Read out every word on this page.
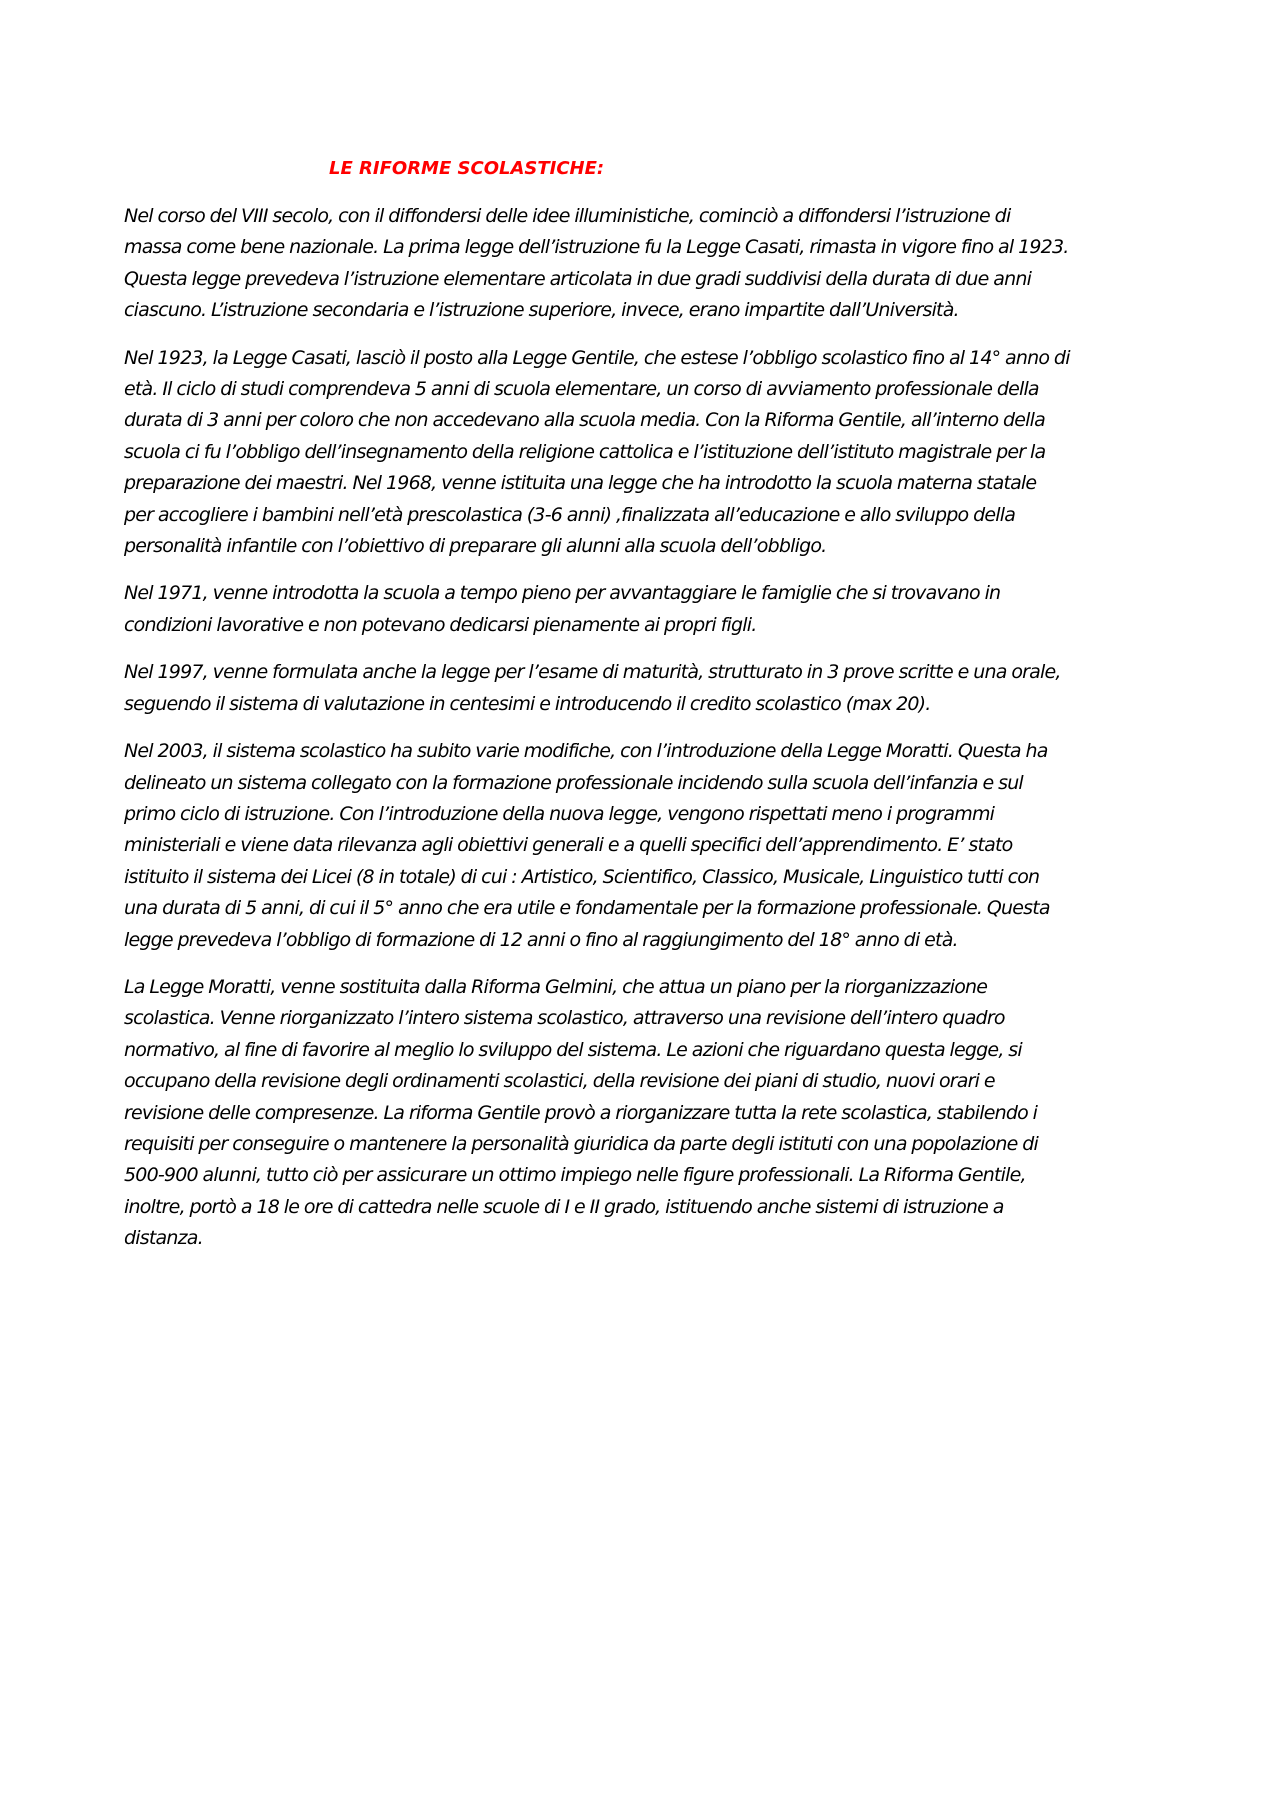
LE RIFORME SCOLASTICHE:

Nel corso del VIII secolo, con il diffondersi delle idee illuministiche, cominciò a diffondersi l’istruzione di
massa come bene nazionale. La prima legge dell’istruzione fu la Legge Casati, rimasta in vigore fino al 1923.
Questa legge prevedeva l’istruzione elementare articolata in due gradi suddivisi della durata di due anni
ciascuno. L’istruzione secondaria e l’istruzione superiore, invece, erano impartite dall’Università.

Nel 1923, la Legge Casati, lasciò il posto alla Legge Gentile, che estese l’obbligo scolastico fino al 14° anno di
età. Il ciclo di studi comprendeva 5 anni di scuola elementare, un corso di avviamento professionale della
durata di 3 anni per coloro che non accedevano alla scuola media. Con la Riforma Gentile, all’interno della
scuola ci fu l’obbligo dell’insegnamento della religione cattolica e l’istituzione dell’istituto magistrale per la
preparazione dei maestri. Nel 1968, venne istituita una legge che ha introdotto la scuola materna statale
per accogliere i bambini nell’età prescolastica (3-6 anni) ,finalizzata all’educazione e allo sviluppo della
personalità infantile con l’obiettivo di preparare gli alunni alla scuola dell’obbligo.

Nel 1971, venne introdotta la scuola a tempo pieno per avvantaggiare le famiglie che si trovavano in
condizioni lavorative e non potevano dedicarsi pienamente ai propri figli.

Nel 1997, venne formulata anche la legge per l’esame di maturità, strutturato in 3 prove scritte e una orale,
seguendo il sistema di valutazione in centesimi e introducendo il credito scolastico (max 20).

Nel 2003, il sistema scolastico ha subito varie modifiche, con l’introduzione della Legge Moratti. Questa ha
delineato un sistema collegato con la formazione professionale incidendo sulla scuola dell’infanzia e sul
primo ciclo di istruzione. Con l’introduzione della nuova legge, vengono rispettati meno i programmi
ministeriali e viene data rilevanza agli obiettivi generali e a quelli specifici dell’apprendimento. E’ stato
istituito il sistema dei Licei (8 in totale) di cui : Artistico, Scientifico, Classico, Musicale, Linguistico tutti con
una durata di 5 anni, di cui il 5° anno che era utile e fondamentale per la formazione professionale. Questa
legge prevedeva l’obbligo di formazione di 12 anni o fino al raggiungimento del 18° anno di età.

La Legge Moratti, venne sostituita dalla Riforma Gelmini, che attua un piano per la riorganizzazione
scolastica. Venne riorganizzato l’intero sistema scolastico, attraverso una revisione dell’intero quadro
normativo, al fine di favorire al meglio lo sviluppo del sistema. Le azioni che riguardano questa legge, si
occupano della revisione degli ordinamenti scolastici, della revisione dei piani di studio, nuovi orari e
revisione delle compresenze. La riforma Gentile provò a riorganizzare tutta la rete scolastica, stabilendo i
requisiti per conseguire o mantenere la personalità giuridica da parte degli istituti con una popolazione di
500-900 alunni, tutto ciò per assicurare un ottimo impiego nelle figure professionali. La Riforma Gentile,
inoltre, portò a 18 le ore di cattedra nelle scuole di I e II grado, istituendo anche sistemi di istruzione a
distanza.
